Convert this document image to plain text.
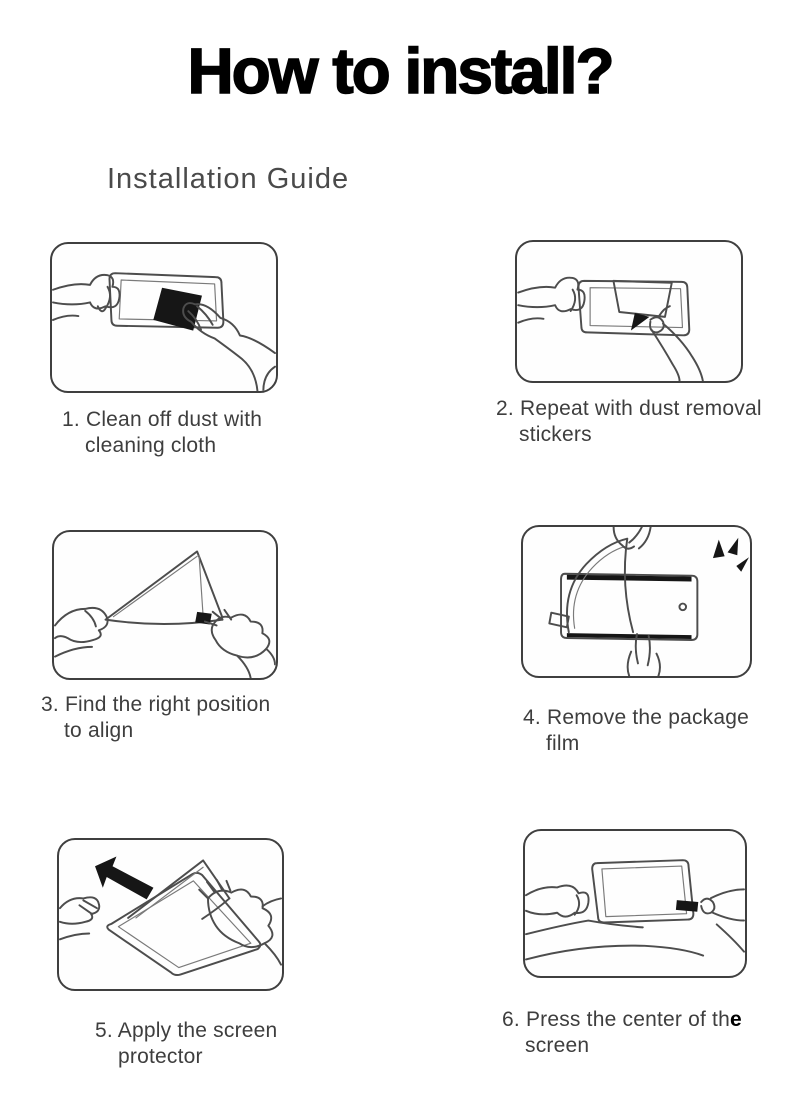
How to install?
Installation Guide
1. Clean off dust with
cleaning cloth
2. Repeat with dust removal
stickers
3. Find the right position
to align
4. Remove the package
film
5. Apply the screen
protector
6. Press the center of the
screen
